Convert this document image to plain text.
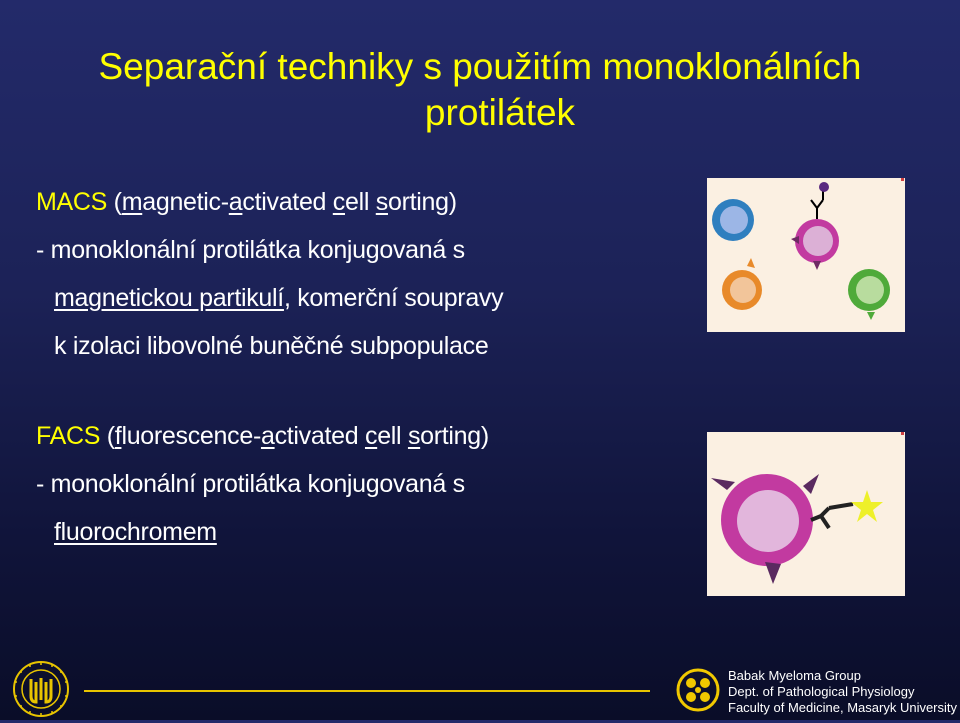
Separační techniky s použitím monoklonálních
protilátek
MACS (magnetic-activated cell sorting)
- monoklonální protilátka konjugovaná s
magnetickou partikulí, komerční soupravy
k izolaci libovolné buněčné subpopulace
FACS (fluorescence-activated cell sorting)
- monoklonální protilátka konjugovaná s
fluorochromem
Babak Myeloma Group
Dept. of Pathological Physiology
Faculty of Medicine, Masaryk University
